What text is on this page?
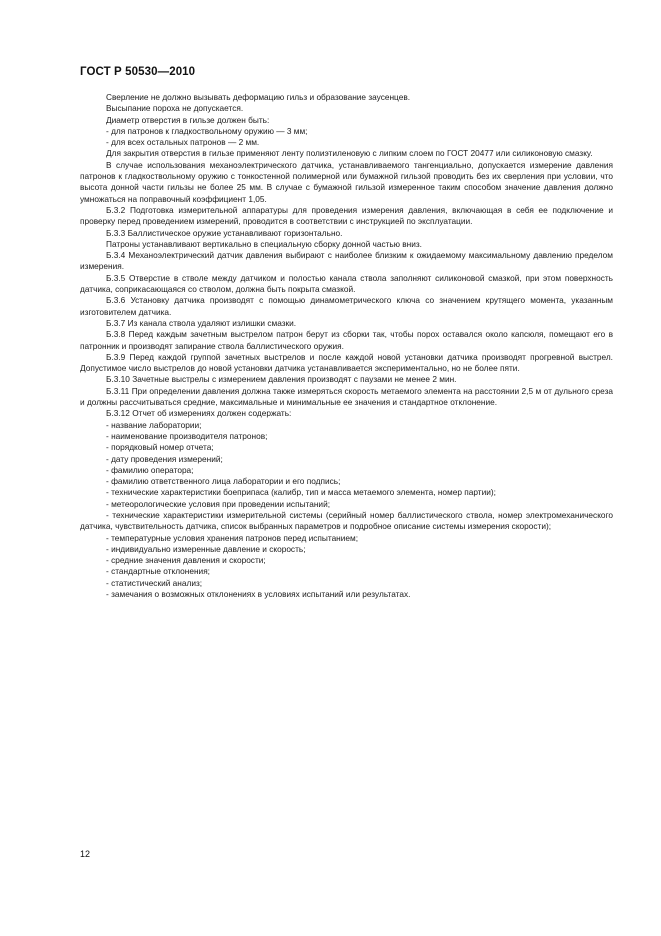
ГОСТ Р 50530—2010

Сверление не должно вызывать деформацию гильз и образование заусенцев.

Высыпание пороха не допускается.

Диаметр отверстия в гильзе должен быть:

- для патронов к гладкоствольному оружию — 3 мм;

- для всех остальных патронов — 2 мм.

Для закрытия отверстия в гильзе применяют ленту полиэтиленовую с липким слоем по ГОСТ 20477 или силиконовую смазку.

В случае использования механоэлектрического датчика, устанавливаемого тангенциально, допускается измерение давления патронов к гладкоствольному оружию с тонкостенной полимерной или бумажной гильзой проводить без их сверления при условии, что высота донной части гильзы не более 25 мм. В случае с бумажной гильзой измеренное таким способом значение давления должно умножаться на поправочный коэффициент 1,05.

Б.3.2 Подготовка измерительной аппаратуры для проведения измерения давления, включающая в себя ее подключение и проверку перед проведением измерений, проводится в соответствии с инструкцией по эксплуатации.

Б.3.3 Баллистическое оружие устанавливают горизонтально.

Патроны устанавливают вертикально в специальную сборку донной частью вниз.

Б.3.4 Механоэлектрический датчик давления выбирают с наиболее близким к ожидаемому максимальному давлению пределом измерения.

Б.3.5 Отверстие в стволе между датчиком и полостью канала ствола заполняют силиконовой смазкой, при этом поверхность датчика, соприкасающаяся со стволом, должна быть покрыта смазкой.

Б.3.6 Установку датчика производят с помощью динамометрического ключа со значением крутящего момента, указанным изготовителем датчика.

Б.3.7 Из канала ствола удаляют излишки смазки.

Б.3.8 Перед каждым зачетным выстрелом патрон берут из сборки так, чтобы порох оставался около капсюля, помещают его в патронник и производят запирание ствола баллистического оружия.

Б.3.9 Перед каждой группой зачетных выстрелов и после каждой новой установки датчика производят прогревной выстрел. Допустимое число выстрелов до новой установки датчика устанавливается экспериментально, но не более пяти.

Б.3.10 Зачетные выстрелы с измерением давления производят с паузами не менее 2 мин.

Б.3.11 При определении давления должна также измеряться скорость метаемого элемента на расстоянии 2,5 м от дульного среза и должны рассчитываться средние, максимальные и минимальные ее значения и стандартное отклонение.

Б.3.12 Отчет об измерениях должен содержать:

- название лаборатории;

- наименование производителя патронов;

- порядковый номер отчета;

- дату проведения измерений;

- фамилию оператора;

- фамилию ответственного лица лаборатории и его подпись;

- технические характеристики боеприпаса (калибр, тип и масса метаемого элемента, номер партии);

- метеорологические условия при проведении испытаний;

- технические характеристики измерительной системы (серийный номер баллистического ствола, номер электромеханического датчика, чувствительность датчика, список выбранных параметров и подробное описание системы измерения скорости);

- температурные условия хранения патронов перед испытанием;

- индивидуально измеренные давление и скорость;

- средние значения давления и скорости;

- стандартные отклонения;

- статистический анализ;

- замечания о возможных отклонениях в условиях испытаний или результатах.

12
